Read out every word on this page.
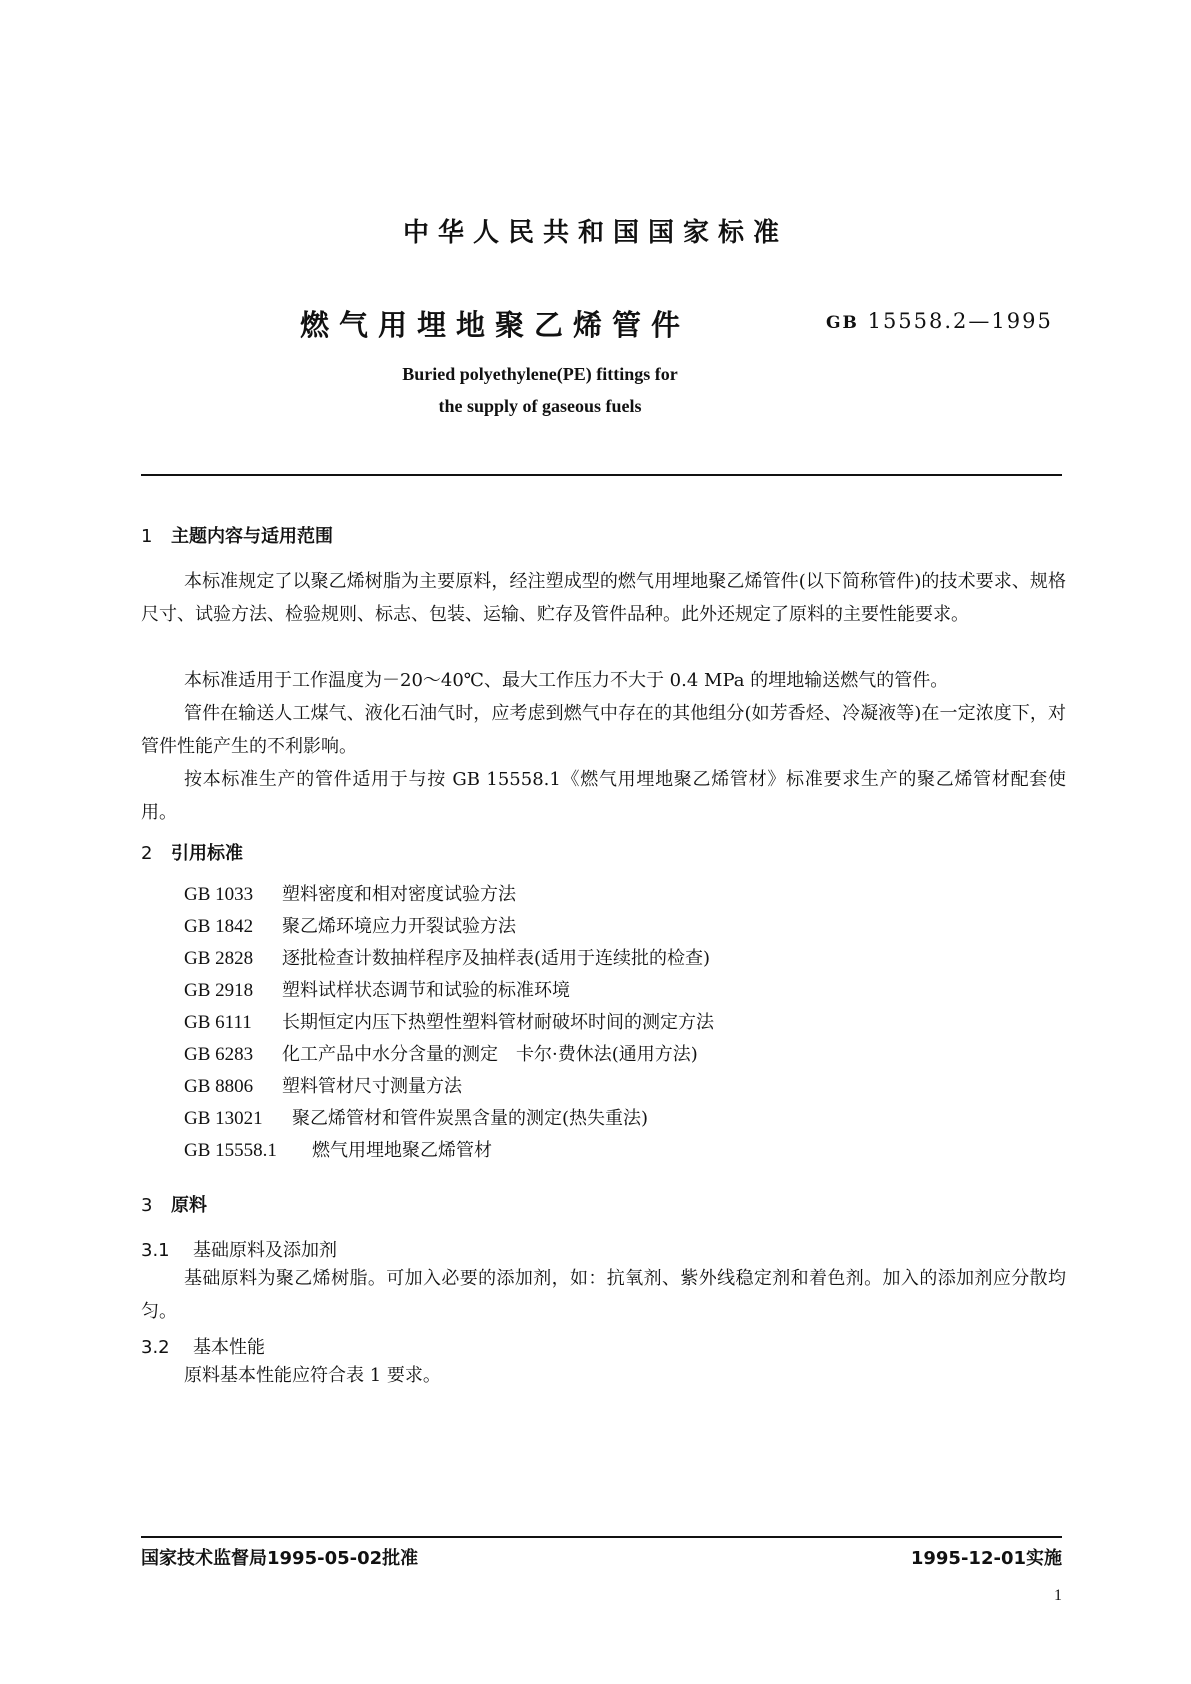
中华人民共和国国家标准
燃气用埋地聚乙烯管件	GB 15558.2—1995
Buried polyethylene(PE) fittings for
the supply of gaseous fuels
1 主题内容与适用范围
本标准规定了以聚乙烯树脂为主要原料，经注塑成型的燃气用埋地聚乙烯管件(以下简称管件)的技术要求、规格尺寸、试验方法、检验规则、标志、包装、运输、贮存及管件品种。此外还规定了原料的主要性能要求。
本标准适用于工作温度为－20～40℃、最大工作压力不大于 0.4 MPa 的埋地输送燃气的管件。
管件在输送人工煤气、液化石油气时，应考虑到燃气中存在的其他组分(如芳香烃、冷凝液等)在一定浓度下，对管件性能产生的不利影响。
按本标准生产的管件适用于与按 GB 15558.1《燃气用埋地聚乙烯管材》标准要求生产的聚乙烯管材配套使用。
2 引用标准
GB 1033 塑料密度和相对密度试验方法
GB 1842 聚乙烯环境应力开裂试验方法
GB 2828 逐批检查计数抽样程序及抽样表(适用于连续批的检查)
GB 2918 塑料试样状态调节和试验的标准环境
GB 6111 长期恒定内压下热塑性塑料管材耐破坏时间的测定方法
GB 6283 化工产品中水分含量的测定　卡尔·费休法(通用方法)
GB 8806 塑料管材尺寸测量方法
GB 13021 聚乙烯管材和管件炭黑含量的测定(热失重法)
GB 15558.1 燃气用埋地聚乙烯管材
3 原料
3.1 基础原料及添加剂
基础原料为聚乙烯树脂。可加入必要的添加剂，如：抗氧剂、紫外线稳定剂和着色剂。加入的添加剂应分散均匀。
3.2 基本性能
原料基本性能应符合表 1 要求。
国家技术监督局1995-05-02批准	1995-12-01实施
1
